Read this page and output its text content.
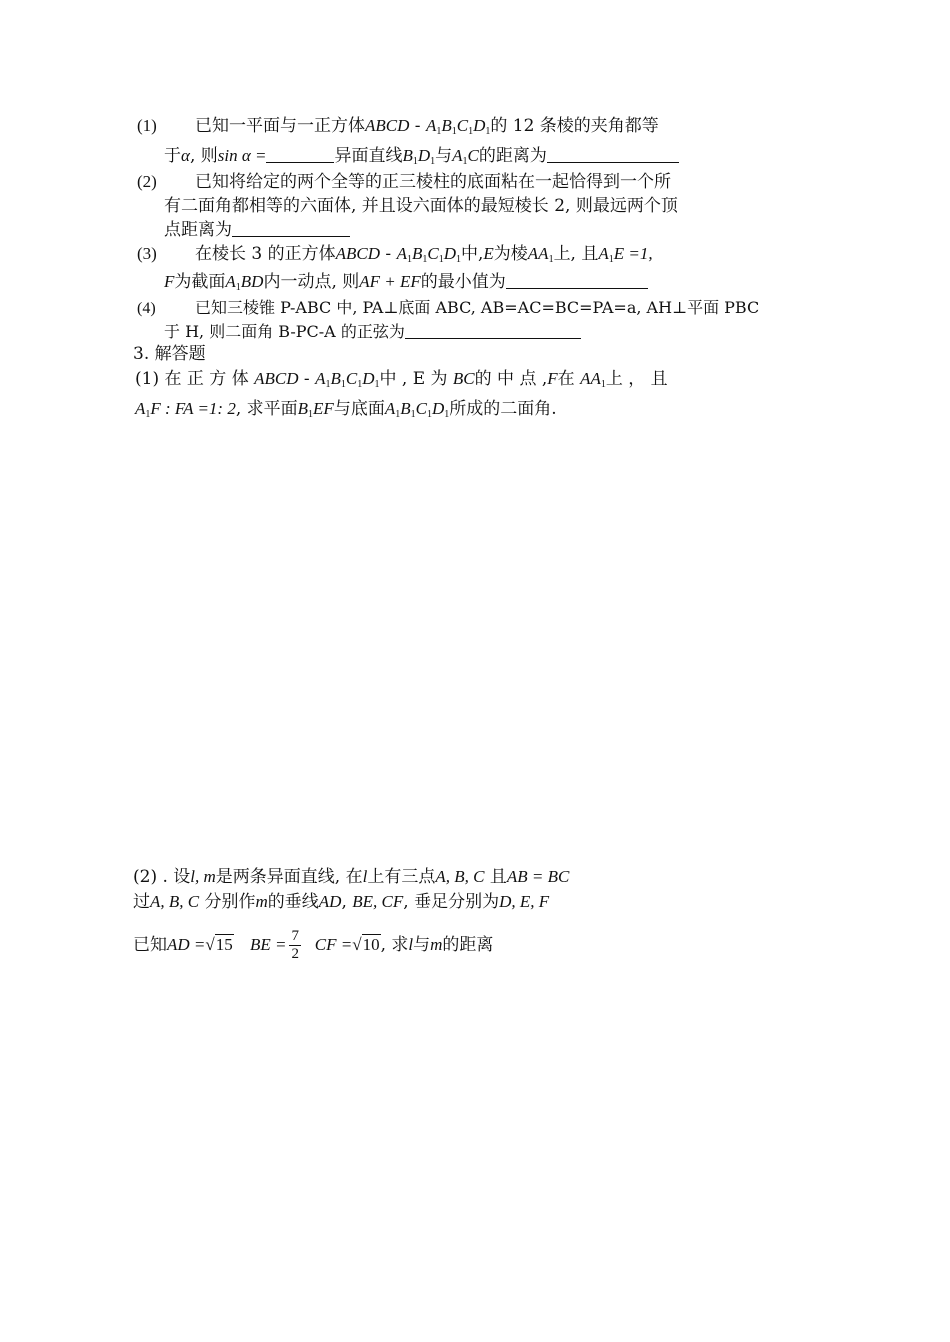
(1) 已知一平面与一正方体ABCD - $A_1B_1C_1D_1$的 12 条棱的夹角都等
于α, 则sin α =	异面直线$B_1D_1$与$A_1C$的距离为
(2) 已知将给定的两个全等的正三棱柱的底面粘在一起恰得到一个所
有二面角都相等的六面体, 并且设六面体的最短棱长 2, 则最远两个顶
点距离为
(3) 在棱长 3 的正方体ABCD - $A_1B_1C_1D_1$中,E为棱$AA_1$上, 且$A_1E =1$,
F为截面$A_1BD$内一动点, 则AF + EF的最小值为
(4) 已知三棱锥 P-ABC 中, PA⊥底面 ABC, AB=AC=BC=PA=a, AH⊥平面 PBC
于 H, 则二面角 B-PC-A 的正弦为
3. 解答题
(1) 在 正 方 体 ABCD - $A_1B_1C_1D_1$中 , E 为 BC的 中 点 ,F在 $AA_1$上 ， 且
$A_1F$ : FA =1: 2, 求平面$B_1EF$与底面$A_1B_1C_1D_1$所成的二面角.
(2) . 设l, m是两条异面直线, 在l上有三点A, B, C 且AB = BC
过A, B, C 分别作m的垂线AD, BE, CF, 垂足分别为D, E, F
已知AD =√15 BE = $\frac{7}{2}$ CF =√10, 求l与m的距离
